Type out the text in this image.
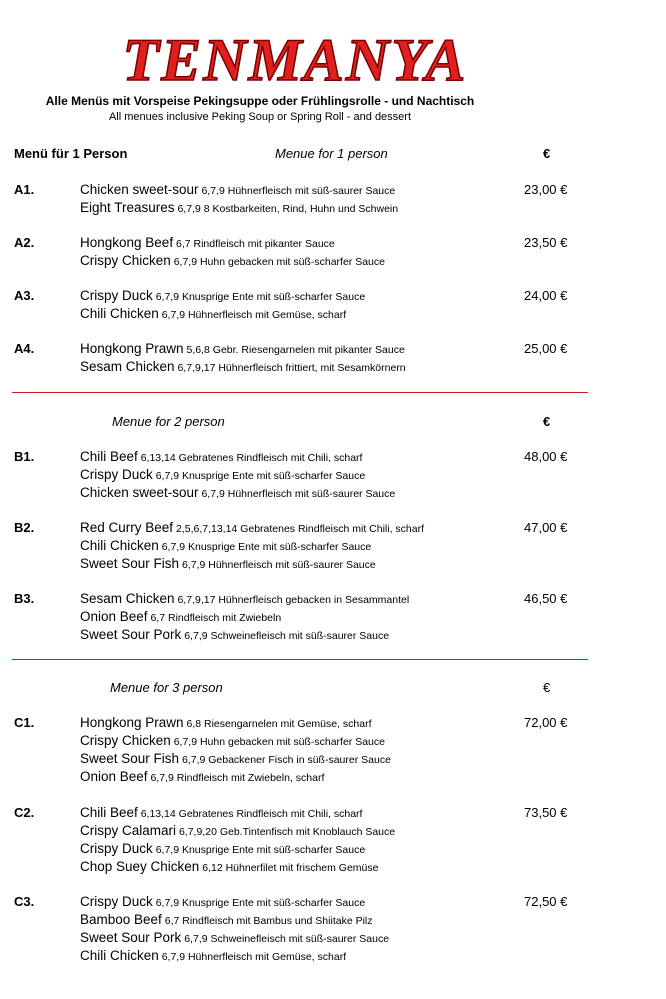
TENMANYA
Alle Menüs mit Vorspeise Pekingsuppe oder Frühlingsrolle - und Nachtisch
All menues inclusive Peking Soup or Spring Roll - and dessert
Menü für 1 Person	Menue for 1 person	€
A1.	Chicken sweet-sour 6,7,9 Hühnerfleisch mit süß-saurer Sauce
Eight Treasures 6,7,9 8 Kostbarkeiten, Rind, Huhn und Schwein
23,00 €
A2.	Hongkong Beef 6,7 Rindfleisch mit pikanter Sauce
Crispy Chicken 6,7,9 Huhn gebacken mit süß-scharfer Sauce
23,50 €
A3.	Crispy Duck 6,7,9 Knusprige Ente mit süß-scharfer Sauce
Chili Chicken 6,7,9 Hühnerfleisch mit Gemüse, scharf
24,00 €
A4.	Hongkong Prawn 5,6,8 Gebr. Riesengarnelen mit pikanter Sauce
Sesam Chicken 6,7,9,17 Hühnerfleisch frittiert, mit Sesamkörnern
25,00 €
Menue for 2 person	€
B1.	Chili Beef 6,13,14 Gebratenes Rindfleisch mit Chili, scharf
Crispy Duck 6,7,9 Knusprige Ente mit süß-scharfer Sauce
Chicken sweet-sour 6,7,9 Hühnerfleisch mit süß-saurer Sauce
48,00 €
B2.	Red Curry Beef 2,5,6,7,13,14 Gebratenes Rindfleisch mit Chili, scharf
Chili Chicken 6,7,9 Knusprige Ente mit süß-scharfer Sauce
Sweet Sour Fish 6,7,9 Hühnerfleisch mit süß-saurer Sauce
47,00 €
B3.	Sesam Chicken 6,7,9,17 Hühnerfleisch gebacken in Sesammantel
Onion Beef 6,7 Rindfleisch mit Zwiebeln
Sweet Sour Pork 6,7,9 Schweinefleisch mit süß-saurer Sauce
46,50 €
Menue for 3 person	€
C1.	Hongkong Prawn 6,8 Riesengarnelen mit Gemüse, scharf
Crispy Chicken 6,7,9 Huhn gebacken mit süß-scharfer Sauce
Sweet Sour Fish 6,7,9 Gebackener Fisch in süß-saurer Sauce
Onion Beef 6,7,9 Rindfleisch mit Zwiebeln, scharf
72,00 €
C2.	Chili Beef 6,13,14 Gebratenes Rindfleisch mit Chili, scharf
Crispy Calamari 6,7,9,20 Geb.Tintenfisch mit Knoblauch Sauce
Crispy Duck 6,7,9 Knusprige Ente mit süß-scharfer Sauce
Chop Suey Chicken 6,12 Hühnerfilet mit frischem Gemüse
73,50 €
C3.	Crispy Duck 6,7,9 Knusprige Ente mit süß-scharfer Sauce
Bamboo Beef 6,7 Rindfleisch mit Bambus und Shiitake Pilz
Sweet Sour Pork 6,7,9 Schweinefleisch mit süß-saurer Sauce
Chili Chicken 6,7,9 Hühnerfleisch mit Gemüse, scharf
72,50 €
